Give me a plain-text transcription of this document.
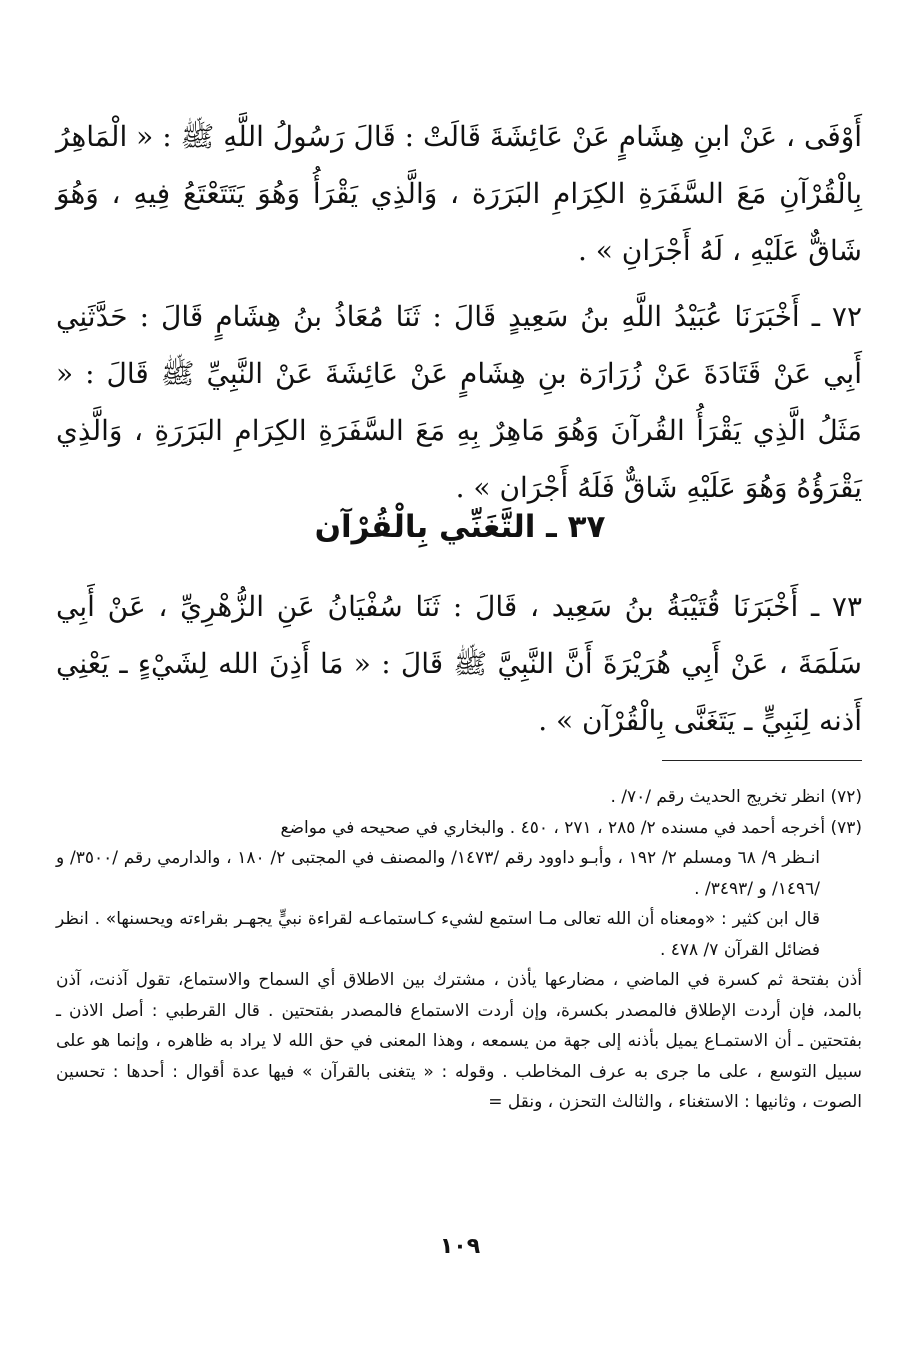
أَوْفَى ، عَنْ ابنِ هِشَامٍ عَنْ عَائِشَةَ قَالَتْ : قَالَ رَسُولُ اللَّهِ ﷺ : « الْمَاهِرُ بِالْقُرْآنِ مَعَ السَّفَرَةِ الكِرَامِ البَرَرَة ، وَالَّذِي يَقْرَأُ وَهُوَ يَتَتَعْتَعُ فِيهِ ، وَهُوَ شَاقٌّ عَلَيْهِ ، لَهُ أَجْرَانِ » .

٧٢ ـ أَخْبَرَنَا عُبَيْدُ اللَّهِ بنُ سَعِيدٍ قَالَ : ثَنَا مُعَاذُ بنُ هِشَامٍ قَالَ : حَدَّثَنِي أَبِي عَنْ قَتَادَةَ عَنْ زُرَارَة بنِ هِشَامٍ عَنْ عَائِشَةَ عَنْ النَّبِيِّ ﷺ قَالَ : « مَثَلُ الَّذِي يَقْرَأُ القُرآنَ وَهُوَ مَاهِرٌ بِهِ مَعَ السَّفَرَةِ الكِرَامِ البَرَرَةِ ، وَالَّذِي يَقْرَؤُهُ وَهُوَ عَلَيْهِ شَاقٌّ فَلَهُ أَجْرَان » .

٣٧ ـ التَّغَنِّي بِالْقُرْآن

٧٣ ـ أَخْبَرَنَا قُتَيْبَةُ بنُ سَعِيد ، قَالَ : ثَنَا سُفْيَانُ عَنِ الزُّهْرِيِّ ، عَنْ أَبِي سَلَمَةَ ، عَنْ أَبِي هُرَيْرَةَ أَنَّ النَّبِيَّ ﷺ قَالَ : « مَا أَذِنَ الله لِشَيْءٍ ـ يَعْنِي أَذنه لِنَبِيٍّ ـ يَتَغَنَّى بِالْقُرْآن » .

(٧٢) انظر تخريج الحديث رقم /٧٠/ .

(٧٣) أخرجه أحمد في مسنده ٢/ ٢٨٥ ، ٢٧١ ، ٤٥٠ . والبخاري في صحيحه في مواضع

انـظر ٩/ ٦٨ ومسلم ٢/ ١٩٢ ، وأبـو داوود رقم /١٤٧٣/ والمصنف في المجتبى ٢/ ١٨٠ ، والدارمي رقم /٣٥٠٠/ و /١٤٩٦/ و /٣٤٩٣/ .

قال ابن كثير : «ومعناه أن الله تعالى مـا استمع لشيء كـاستماعـه لقراءة نبيٍّ يجهـر بقراءته ويحسنها» . انظر فضائل القرآن ٧/ ٤٧٨ .

أذن بفتحة ثم كسرة في الماضي ، مضارعها يأذن ، مشترك بين الاطلاق أي السماح والاستماع، تقول آذنت، آذن بالمد، فإن أردت الإطلاق فالمصدر بكسرة، وإن أردت الاستماع فالمصدر بفتحتين . قال القرطبي : أصل الاذن ـ بفتحتين ـ أن الاستمـاع يميل بأذنه إلى جهة من يسمعه ، وهذا المعنى في حق الله لا يراد به ظاهره ، وإنما هو على سبيل التوسع ، على ما جرى به عرف المخاطب . وقوله : « يتغنى بالقرآن » فيها عدة أقوال : أحدها : تحسين الصوت ، وثانيها : الاستغناء ، والثالث التحزن ، ونقل =

١٠٩
